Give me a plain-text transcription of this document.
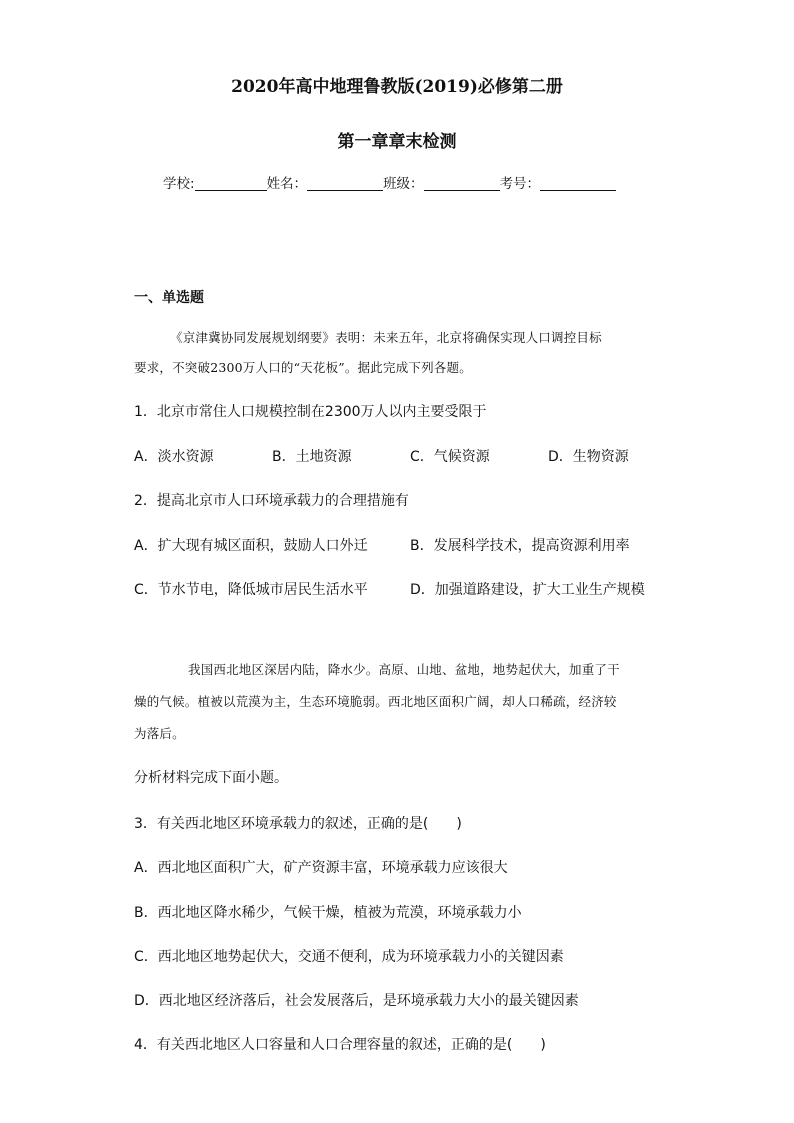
2020年高中地理鲁教版(2019)必修第二册
第一章章末检测
学校:	姓名：	班级：	考号：
一、单选题
《京津冀协同发展规划纲要》表明：未来五年，北京将确保实现人口调控目标
要求，不突破2300万人口的“天花板”。据此完成下列各题。
1．北京市常住人口规模控制在2300万人以内主要受限于
A．淡水资源	B．土地资源	C．气候资源	D．生物资源
2．提高北京市人口环境承载力的合理措施有
A．扩大现有城区面积，鼓励人口外迁	B．发展科学技术，提高资源利用率
C．节水节电，降低城市居民生活水平	D．加强道路建设，扩大工业生产规模
我国西北地区深居内陆，降水少。高原、山地、盆地，地势起伏大，加重了干
燥的气候。植被以荒漠为主，生态环境脆弱。西北地区面积广阔，却人口稀疏，经济较
为落后。
分析材料完成下面小题。
3．有关西北地区环境承载力的叙述，正确的是(　　)
A．西北地区面积广大，矿产资源丰富，环境承载力应该很大
B．西北地区降水稀少，气候干燥，植被为荒漠，环境承载力小
C．西北地区地势起伏大，交通不便利，成为环境承载力小的关键因素
D．西北地区经济落后，社会发展落后，是环境承载力大小的最关键因素
4．有关西北地区人口容量和人口合理容量的叙述，正确的是(　　)
